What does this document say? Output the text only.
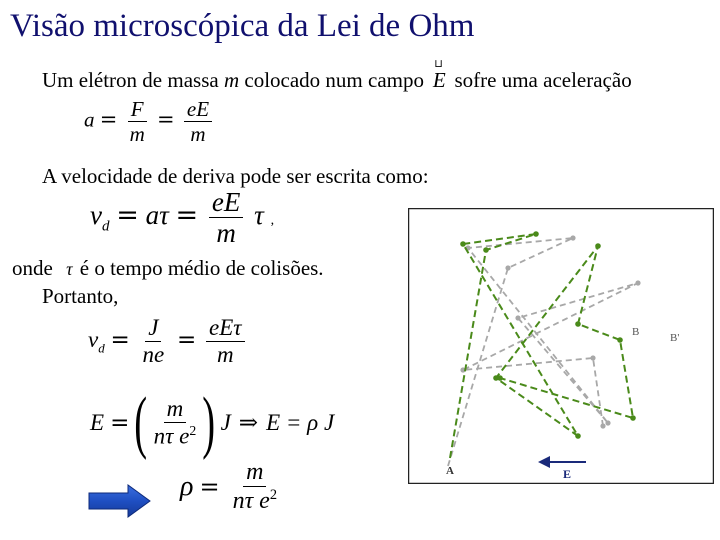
Visão microscópica da Lei de Ohm
Um elétron de massa m colocado num campo
⊔
E sofre uma aceleração
$a = \frac{F}{m} = \frac{eE}{m}$
A velocidade de deriva pode ser escrita como:
$v_d = a\tau = \frac{eE}{m}$ τ ,
onde τ é o tempo médio de colisões.
Portanto,
$v_d = \frac{J}{ne} = \frac{\text{eEτ}}{m}$
E = ( $\frac{m}{n\tau e^2}$ ) J ⇒ E = ρ J
$\rho = \frac{m}{n\tau e^2}$
B	B'
A	E
